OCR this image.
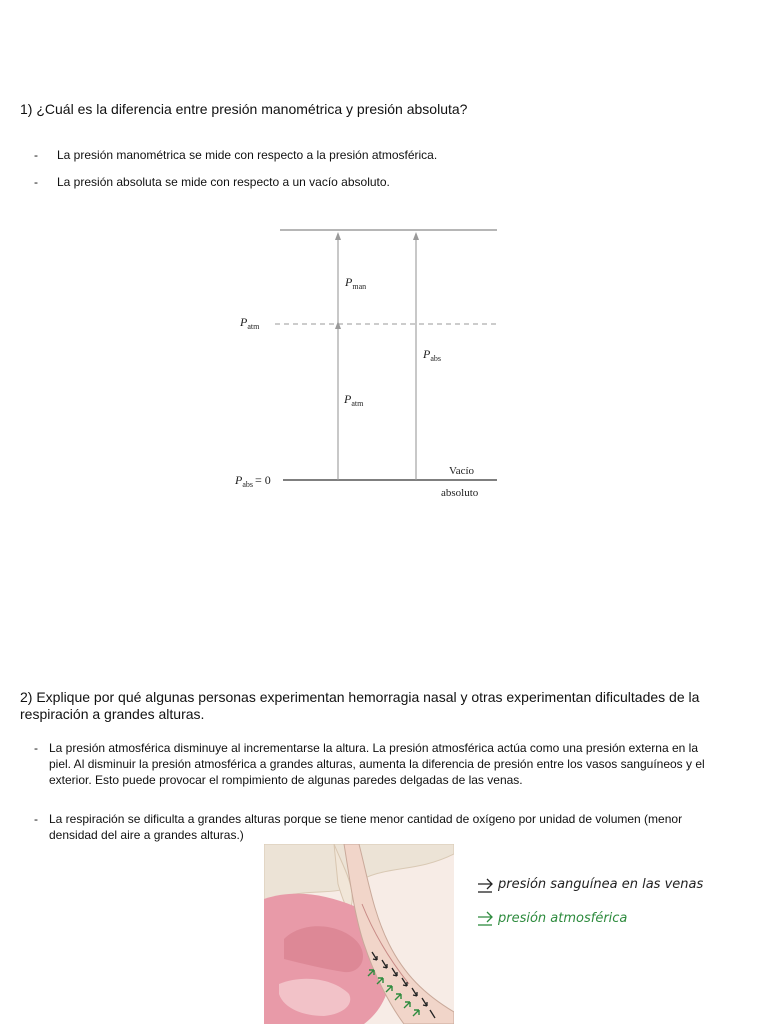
1) ¿Cuál es la diferencia entre presión manométrica y presión absoluta?
- La presión manométrica se mide con respecto a la presión atmosférica.
- La presión absoluta se mide con respecto a un vacío absoluto.
$P_{man}$
$P_{atm}$
$P_{abs}$
$P_{atm}$
$P_{abs} = 0$
Vacío
absoluto
2) Explique por qué algunas personas experimentan hemorragia nasal y otras experimentan dificultades de la respiración a grandes alturas.
- La presión atmosférica disminuye al incrementarse la altura. La presión atmosférica actúa como una presión externa en la piel. Al disminuir la presión atmosférica a grandes alturas, aumenta la diferencia de presión entre los vasos sanguíneos y el exterior. Esto puede provocar el rompimiento de algunas paredes delgadas de las venas.
- La respiración se dificulta a grandes alturas porque se tiene menor cantidad de oxígeno por unidad de volumen (menor densidad del aire a grandes alturas.)
presión sanguínea en las venas
presión atmosférica
